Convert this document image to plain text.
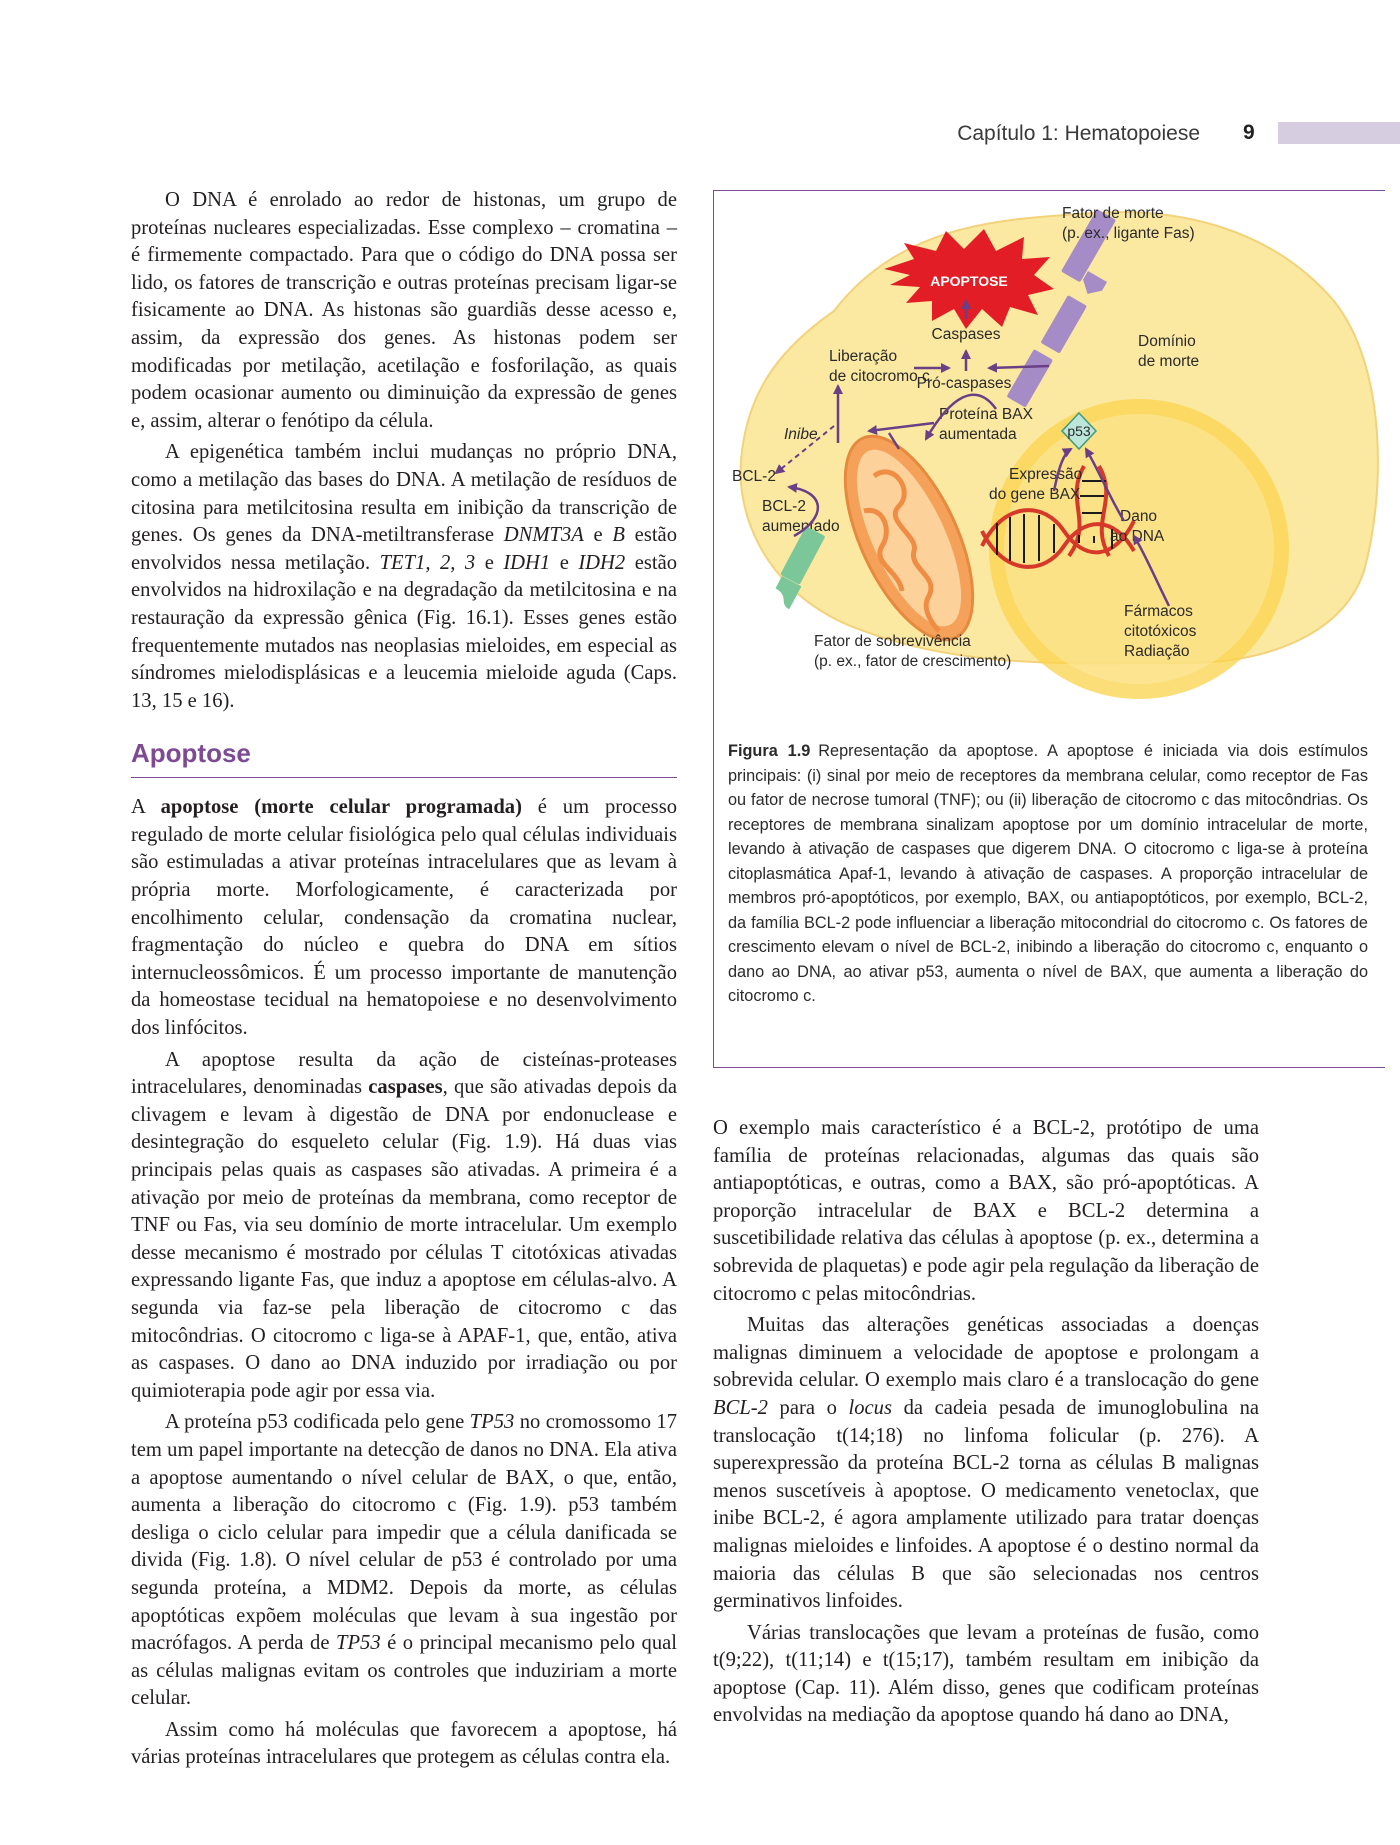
Capítulo 1: Hematopoiese 9

O DNA é enrolado ao redor de histonas, um grupo de proteínas nucleares especializadas. Esse complexo – cromatina – é firmemente compactado. Para que o código do DNA possa ser lido, os fatores de transcrição e outras proteínas precisam ligar-se fisicamente ao DNA. As histonas são guardiãs desse acesso e, assim, da expressão dos genes. As histonas podem ser modificadas por metilação, acetilação e fosforilação, as quais podem ocasionar aumento ou diminuição da expressão de genes e, assim, alterar o fenótipo da célula.

A epigenética também inclui mudanças no próprio DNA, como a metilação das bases do DNA. A metilação de resíduos de citosina para metilcitosina resulta em inibição da transcrição de genes. Os genes da DNA-metiltransferase DNMT3A e B estão envolvidos nessa metilação. TET1, 2, 3 e IDH1 e IDH2 estão envolvidos na hidroxilação e na degradação da metilcitosina e na restauração da expressão gênica (Fig. 16.1). Esses genes estão frequentemente mutados nas neoplasias mieloides, em especial as síndromes mielodisplásicas e a leucemia mieloide aguda (Caps. 13, 15 e 16).

Apoptose

A apoptose (morte celular programada) é um processo regulado de morte celular fisiológica pelo qual células individuais são estimuladas a ativar proteínas intracelulares que as levam à própria morte. Morfologicamente, é caracterizada por encolhimento celular, condensação da cromatina nuclear, fragmentação do núcleo e quebra do DNA em sítios internucleossômicos. É um processo importante de manutenção da homeostase tecidual na hematopoiese e no desenvolvimento dos linfócitos.

A apoptose resulta da ação de cisteínas-proteases intracelulares, denominadas caspases, que são ativadas depois da clivagem e levam à digestão de DNA por endonuclease e desintegração do esqueleto celular (Fig. 1.9). Há duas vias principais pelas quais as caspases são ativadas. A primeira é a ativação por meio de proteínas da membrana, como receptor de TNF ou Fas, via seu domínio de morte intracelular. Um exemplo desse mecanismo é mostrado por células T citotóxicas ativadas expressando ligante Fas, que induz a apoptose em células-alvo. A segunda via faz-se pela liberação de citocromo c das mitocôndrias. O citocromo c liga-se à APAF-1, que, então, ativa as caspases. O dano ao DNA induzido por irradiação ou por quimioterapia pode agir por essa via.

A proteína p53 codificada pelo gene TP53 no cromossomo 17 tem um papel importante na detecção de danos no DNA. Ela ativa a apoptose aumentando o nível celular de BAX, o que, então, aumenta a liberação do citocromo c (Fig. 1.9). p53 também desliga o ciclo celular para impedir que a célula danificada se divida (Fig. 1.8). O nível celular de p53 é controlado por uma segunda proteína, a MDM2. Depois da morte, as células apoptóticas expõem moléculas que levam à sua ingestão por macrófagos. A perda de TP53 é o principal mecanismo pelo qual as células malignas evitam os controles que induziriam a morte celular.

Assim como há moléculas que favorecem a apoptose, há várias proteínas intracelulares que protegem as células contra ela.

APOPTOSE
Fator de morte
(p. ex., ligante Fas)
Domínio
de morte
Caspases
Liberação
de citocromo c
Pró-caspases
Proteína BAX
aumentada
Inibe
BCL-2
BCL-2
aumentado
p53
Expressão
do gene BAX
Dano
ao DNA
Fármacos
citotóxicos
Radiação
Fator de sobrevivência
(p. ex., fator de crescimento)
Figura 1.9 Representação da apoptose. A apoptose é iniciada via dois estímulos principais: (i) sinal por meio de receptores da membrana celular, como receptor de Fas ou fator de necrose tumoral (TNF); ou (ii) liberação de citocromo c das mitocôndrias. Os receptores de membrana sinalizam apoptose por um domínio intracelular de morte, levando à ativação de caspases que digerem DNA. O citocromo c liga-se à proteína citoplasmática Apaf-1, levando à ativação de caspases. A proporção intracelular de membros pró-apoptóticos, por exemplo, BAX, ou antiapoptóticos, por exemplo, BCL-2, da família BCL-2 pode influenciar a liberação mitocondrial do citocromo c. Os fatores de crescimento elevam o nível de BCL-2, inibindo a liberação do citocromo c, enquanto o dano ao DNA, ao ativar p53, aumenta o nível de BAX, que aumenta a liberação do citocromo c.

O exemplo mais característico é a BCL-2, protótipo de uma família de proteínas relacionadas, algumas das quais são antiapoptóticas, e outras, como a BAX, são pró-apoptóticas. A proporção intracelular de BAX e BCL-2 determina a suscetibilidade relativa das células à apoptose (p. ex., determina a sobrevida de plaquetas) e pode agir pela regulação da liberação de citocromo c pelas mitocôndrias.

Muitas das alterações genéticas associadas a doenças malignas diminuem a velocidade de apoptose e prolongam a sobrevida celular. O exemplo mais claro é a translocação do gene BCL-2 para o locus da cadeia pesada de imunoglobulina na translocação t(14;18) no linfoma folicular (p. 276). A superexpressão da proteína BCL-2 torna as células B malignas menos suscetíveis à apoptose. O medicamento venetoclax, que inibe BCL-2, é agora amplamente utilizado para tratar doenças malignas mieloides e linfoides. A apoptose é o destino normal da maioria das células B que são selecionadas nos centros germinativos linfoides.

Várias translocações que levam a proteínas de fusão, como t(9;22), t(11;14) e t(15;17), também resultam em inibição da apoptose (Cap. 11). Além disso, genes que codificam proteínas envolvidas na mediação da apoptose quando há dano ao DNA,
